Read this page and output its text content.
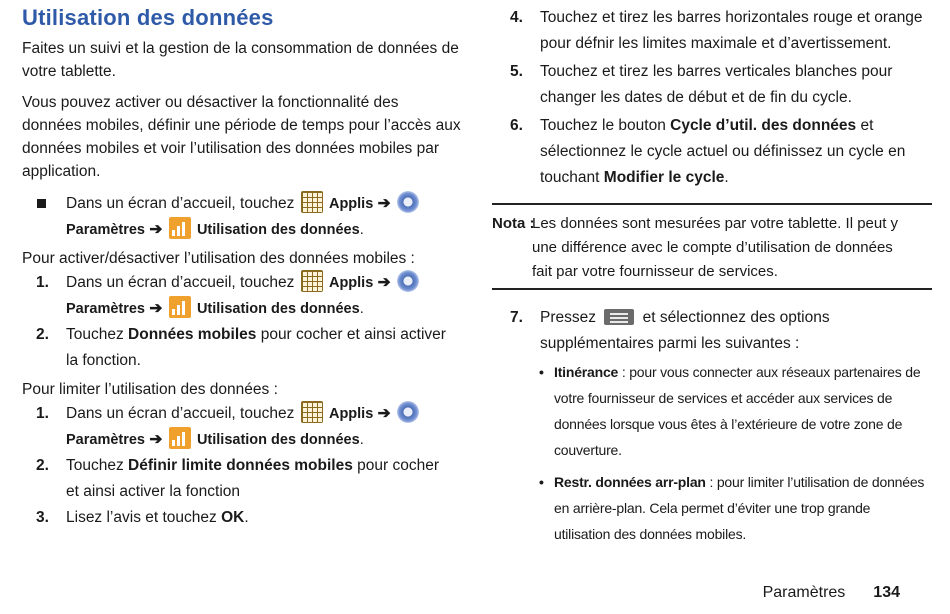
Utilisation des données

Faites un suivi et la gestion de la consommation de données de votre tablette.

Vous pouvez activer ou désactiver la fonctionnalité des données mobiles, définir une période de temps pour l’accès aux données mobiles et voir l’utilisation des données mobiles par application.

Dans un écran d’accueil, touchez Applis ➔
Paramètres ➔ Utilisation des données.

Pour activer/désactiver l’utilisation des données mobiles :

1. Dans un écran d’accueil, touchez Applis ➔
Paramètres ➔ Utilisation des données.
2. Touchez Données mobiles pour cocher et ainsi activer
la fonction.

Pour limiter l’utilisation des données :

1. Dans un écran d’accueil, touchez Applis ➔
Paramètres ➔ Utilisation des données.
2. Touchez Définir limite données mobiles pour cocher
et ainsi activer la fonction
3. Lisez l’avis et touchez OK.
4. Touchez et tirez les barres horizontales rouge et orange
pour défnir les limites maximale et d’avertissement.
5. Touchez et tirez les barres verticales blanches pour
changer les dates de début et de fin du cycle.
6. Touchez le bouton Cycle d’util. des données et
sélectionnez le cycle actuel ou définissez un cycle en
touchant Modifier le cycle.
Nota :
Les données sont mesurées par votre tablette. Il peut y
une différence avec le compte d’utilisation de données
fait par votre fournisseur de services.
7. Pressez	et sélectionnez des options
supplémentaires parmi les suivantes :
• Itinérance : pour vous connecter aux réseaux partenaires de
votre fournisseur de services et accéder aux services de
données lorsque vous êtes à l’extérieure de votre zone de
couverture.
• Restr. données arr-plan : pour limiter l’utilisation de données
en arrière-plan. Cela permet d’éviter une trop grande
utilisation des données mobiles.
Paramètres 134
